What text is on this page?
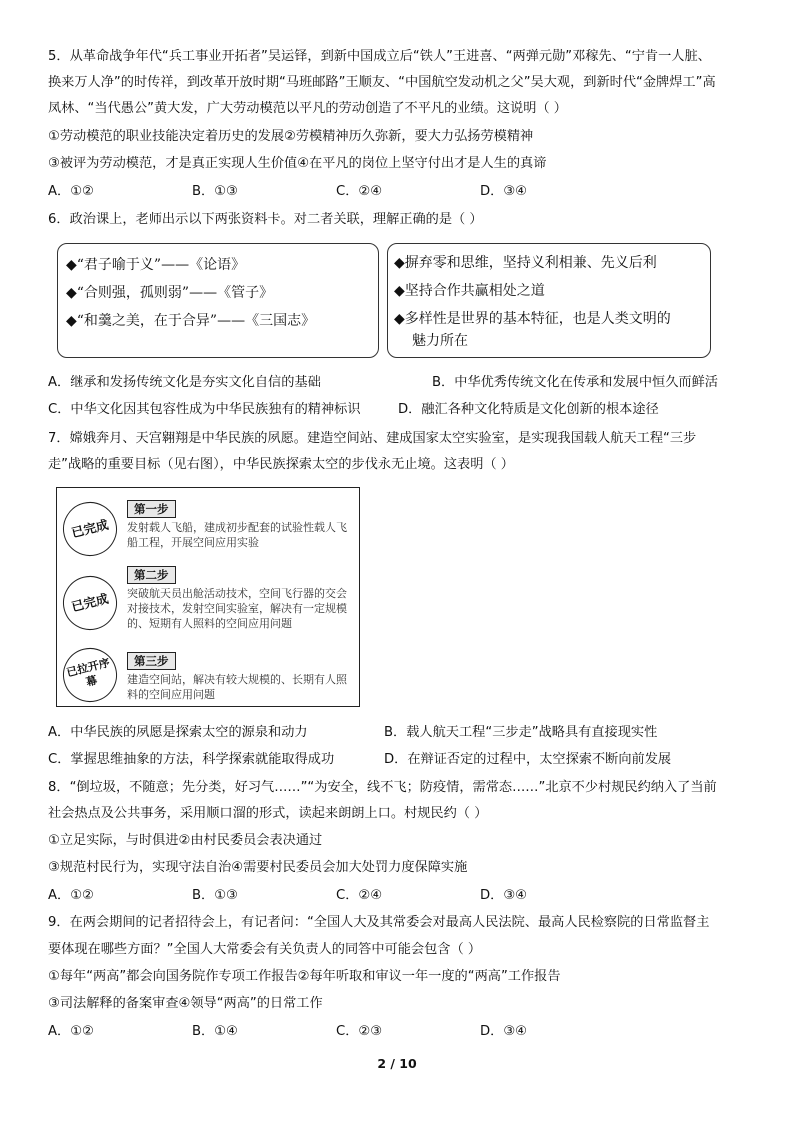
5．从革命战争年代“兵工事业开拓者”吴运铎，到新中国成立后“铁人”王进喜、“两弹元勋”邓稼先、“宁肯一人脏、
换来万人净”的时传祥，到改革开放时期“马班邮路”王顺友、“中国航空发动机之父”吴大观，到新时代“金牌焊工”高
凤林、“当代愚公”黄大发，广大劳动模范以平凡的劳动创造了不平凡的业绩。这说明（ ）
①劳动模范的职业技能决定着历史的发展②劳模精神历久弥新，要大力弘扬劳模精神
③被评为劳动模范，才是真正实现人生价值④在平凡的岗位上坚守付出才是人生的真谛
A．①②	B．①③	C．②④	D．③④
6．政治课上，老师出示以下两张资料卡。对二者关联，理解正确的是（ ）
◆“君子喻于义”——《论语》
◆“合则强，孤则弱”——《管子》
◆“和羹之美，在于合异”——《三国志》
◆摒弃零和思维，坚持义利相兼、先义后利
◆坚持合作共赢相处之道
◆多样性是世界的基本特征，也是人类文明的
魅力所在
A．继承和发扬传统文化是夯实文化自信的基础	B．中华优秀传统文化在传承和发展中恒久而鲜活
C．中华文化因其包容性成为中华民族独有的精神标识	D．融汇各种文化特质是文化创新的根本途径
7．嫦娥奔月、天宫翱翔是中华民族的夙愿。建造空间站、建成国家太空实验室，是实现我国载人航天工程“三步
走”战略的重要目标（见右图），中华民族探索太空的步伐永无止境。这表明（ ）
已完成
第一步
发射载人飞船，建成初步配套的试验性载人飞船工程，开展空间应用实验
已完成
第二步
突破航天员出舱活动技术，空间飞行器的交会对接技术，发射空间实验室，解决有一定规模的、短期有人照料的空间应用问题
已拉开序幕
第三步
建造空间站，解决有较大规模的、长期有人照料的空间应用问题
A．中华民族的夙愿是探索太空的源泉和动力	B．载人航天工程“三步走”战略具有直接现实性
C．掌握思维抽象的方法，科学探索就能取得成功	D．在辩证否定的过程中，太空探索不断向前发展
8．“倒垃圾，不随意；先分类，好习气……”“为安全，线不飞；防疫情，需常态……”北京不少村规民约纳入了当前
社会热点及公共事务，采用顺口溜的形式，读起来朗朗上口。村规民约（ ）
①立足实际，与时俱进②由村民委员会表决通过
③规范村民行为，实现守法自治④需要村民委员会加大处罚力度保障实施
A．①②	B．①③	C．②④	D．③④
9．在两会期间的记者招待会上，有记者问：“全国人大及其常委会对最高人民法院、最高人民检察院的日常监督主
要体现在哪些方面？”全国人大常委会有关负责人的同答中可能会包含（ ）
①每年“两高”都会向国务院作专项工作报告②每年听取和审议一年一度的“两高”工作报告
③司法解释的备案审查④领导“两高”的日常工作
A．①②	B．①④	C．②③	D．③④
2 / 10
